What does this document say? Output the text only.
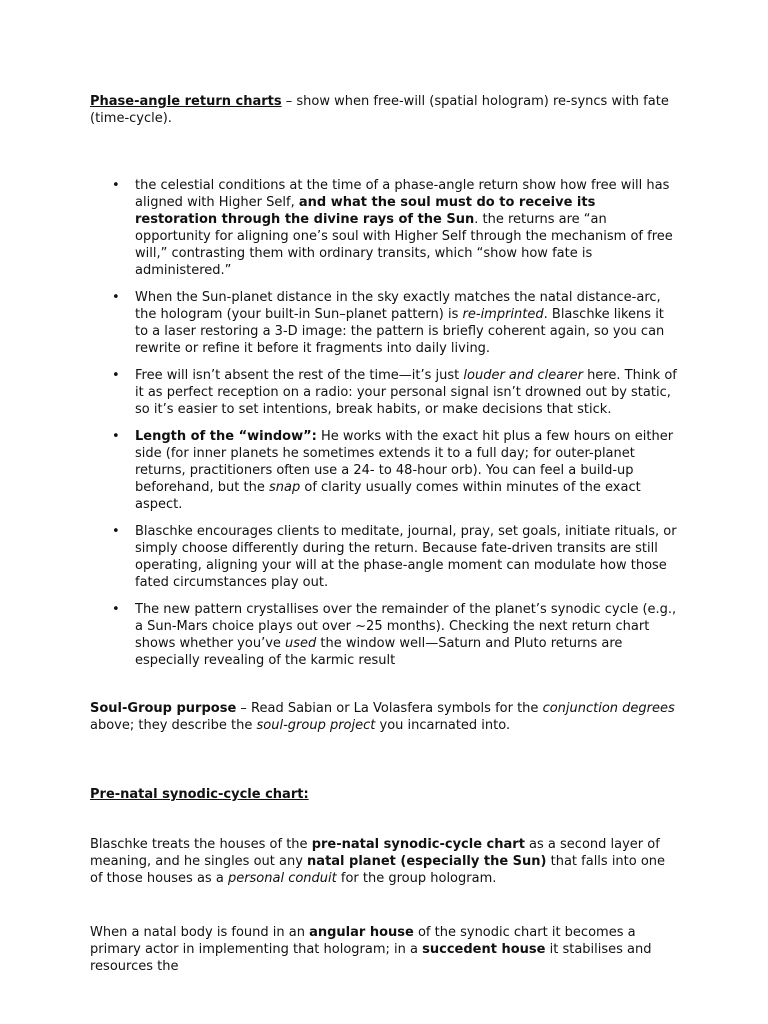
Phase-angle return charts – show when free-will (spatial hologram) re-syncs with fate (time-cycle).

• the celestial conditions at the time of a phase-angle return show how free will has aligned with Higher Self, and what the soul must do to receive its restoration through the divine rays of the Sun. the returns are “an opportunity for aligning one’s soul with Higher Self through the mechanism of free will,” contrasting them with ordinary transits, which “show how fate is administered.”
• When the Sun-planet distance in the sky exactly matches the natal distance-arc, the hologram (your built-in Sun–planet pattern) is re-imprinted. Blaschke likens it to a laser restoring a 3-D image: the pattern is briefly coherent again, so you can rewrite or refine it before it fragments into daily living.
• Free will isn’t absent the rest of the time—it’s just louder and clearer here. Think of it as perfect reception on a radio: your personal signal isn’t drowned out by static, so it’s easier to set intentions, break habits, or make decisions that stick.
• Length of the “window”: He works with the exact hit plus a few hours on either side (for inner planets he sometimes extends it to a full day; for outer-planet returns, practitioners often use a 24- to 48-hour orb). You can feel a build-up beforehand, but the snap of clarity usually comes within minutes of the exact aspect.
• Blaschke encourages clients to meditate, journal, pray, set goals, initiate rituals, or simply choose differently during the return. Because fate-driven transits are still operating, aligning your will at the phase-angle moment can modulate how those fated circumstances play out.
• The new pattern crystallises over the remainder of the planet’s synodic cycle (e.g., a Sun-Mars choice plays out over ~25 months). Checking the next return chart shows whether you’ve used the window well—Saturn and Pluto returns are especially revealing of the karmic result

Soul-Group purpose – Read Sabian or La Volasfera symbols for the conjunction degrees above; they describe the soul-group project you incarnated into.

Pre-natal synodic-cycle chart:

Blaschke treats the houses of the pre-natal synodic-cycle chart as a second layer of meaning, and he singles out any natal planet (especially the Sun) that falls into one of those houses as a personal conduit for the group hologram.

When a natal body is found in an angular house of the synodic chart it becomes a primary actor in implementing that hologram; in a succedent house it stabilises and resources the
